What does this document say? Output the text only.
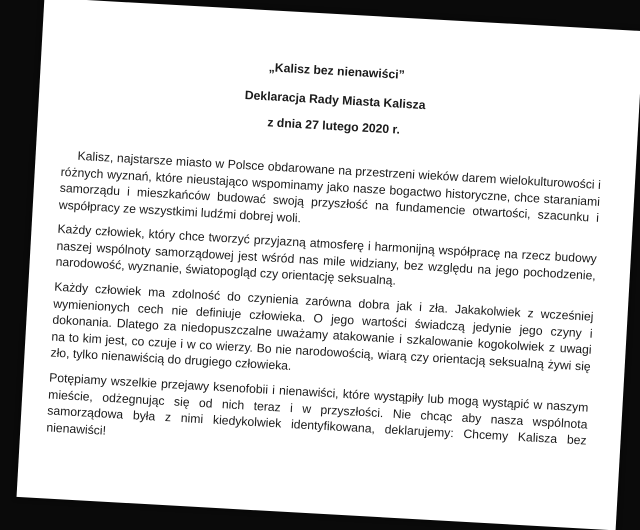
„Kalisz bez nienawiści”
Deklaracja Rady Miasta Kalisza
z dnia 27 lutego 2020 r.

Kalisz, najstarsze miasto w Polsce obdarowane na przestrzeni wieków darem wielokulturowości i różnych wyznań, które nieustająco wspominamy jako nasze bogactwo historyczne, chce staraniami samorządu i mieszkańców budować swoją przyszłość na fundamencie otwartości, szacunku i współpracy ze wszystkimi ludźmi dobrej woli.

Każdy człowiek, który chce tworzyć przyjazną atmosferę i harmonijną współpracę na rzecz budowy naszej wspólnoty samorządowej jest wśród nas mile widziany, bez względu na jego pochodzenie, narodowość, wyznanie, światopogląd czy orientację seksualną.

Każdy człowiek ma zdolność do czynienia zarówna dobra jak i zła. Jakakolwiek z wcześniej wymienionych cech nie definiuje człowieka. O jego wartości świadczą jedynie jego czyny i dokonania. Dlatego za niedopuszczalne uważamy atakowanie i szkalowanie kogokolwiek z uwagi na to kim jest, co czuje i w co wierzy. Bo nie narodowością, wiarą czy orientacją seksualną żywi się zło, tylko nienawiścią do drugiego człowieka.

Potępiamy wszelkie przejawy ksenofobii i nienawiści, które wystąpiły lub mogą wystąpić w naszym mieście, odżegnując się od nich teraz i w przyszłości. Nie chcąc aby nasza wspólnota samorządowa była z nimi kiedykolwiek identyfikowana, deklarujemy: Chcemy Kalisza bez nienawiści!
